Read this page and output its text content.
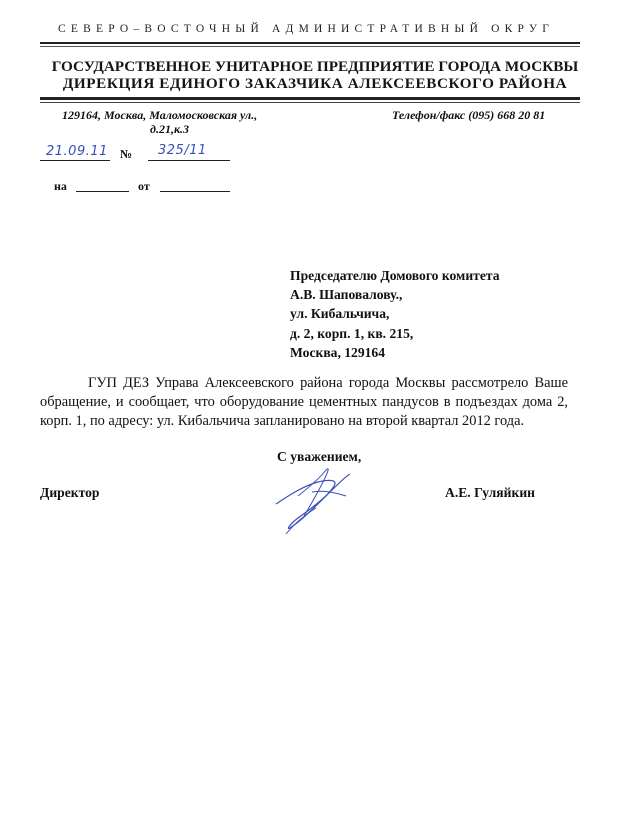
СЕВЕРО–ВОСТОЧНЫЙ АДМИНИСТРАТИВНЫЙ ОКРУГ
ГОСУДАРСТВЕННОЕ УНИТАРНОЕ ПРЕДПРИЯТИЕ ГОРОДА МОСКВЫ
ДИРЕКЦИЯ ЕДИНОГО ЗАКАЗЧИКА АЛЕКСЕЕВСКОГО РАЙОНА
129164, Москва, Маломосковская ул.,
д.21,к.3
Телефон/факс (095) 668 20 81
21.09.11 № 325/11
на	от
Председателю Домового комитета
А.В. Шаповалову.,
ул. Кибальчича,
д. 2, корп. 1, кв. 215,
Москва, 129164
ГУП ДЕЗ Управа Алексеевского района города Москвы рассмотрело Ваше обращение, и сообщает, что оборудование цементных пандусов в подъездах дома 2, корп. 1, по адресу: ул. Кибальчича запланировано на второй квартал 2012 года.
С уважением,
Директор	А.Е. Гуляйкин
